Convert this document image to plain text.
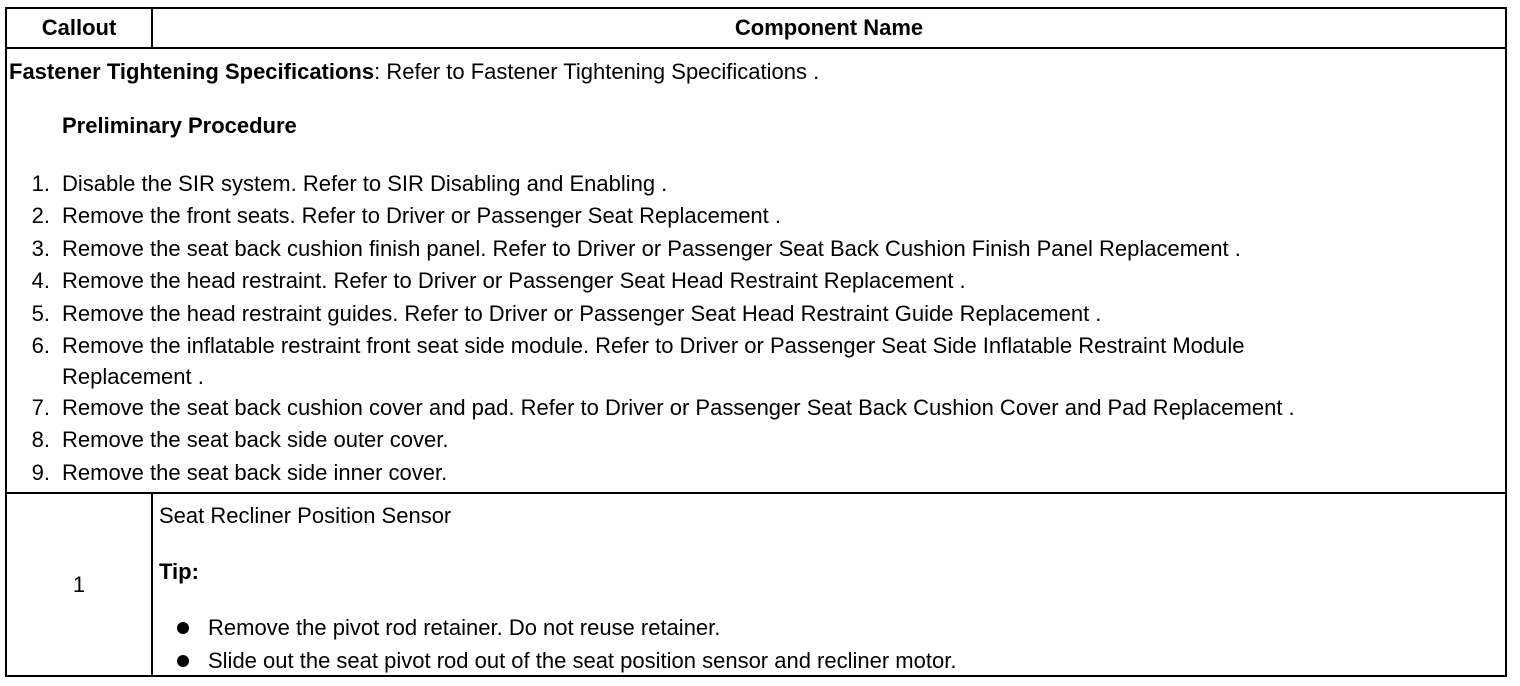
Callout	Component Name
Fastener Tightening Specifications: Refer to Fastener Tightening Specifications .
Preliminary Procedure
1. Disable the SIR system. Refer to SIR Disabling and Enabling .
2. Remove the front seats. Refer to Driver or Passenger Seat Replacement .
3. Remove the seat back cushion finish panel. Refer to Driver or Passenger Seat Back Cushion Finish Panel Replacement .
4. Remove the head restraint. Refer to Driver or Passenger Seat Head Restraint Replacement .
5. Remove the head restraint guides. Refer to Driver or Passenger Seat Head Restraint Guide Replacement .
6. Remove the inflatable restraint front seat side module. Refer to Driver or Passenger Seat Side Inflatable Restraint Module
Replacement .
7. Remove the seat back cushion cover and pad. Refer to Driver or Passenger Seat Back Cushion Cover and Pad Replacement .
8. Remove the seat back side outer cover.
9. Remove the seat back side inner cover.
1
Seat Recliner Position Sensor
Tip:
Remove the pivot rod retainer. Do not reuse retainer.
Slide out the seat pivot rod out of the seat position sensor and recliner motor.
